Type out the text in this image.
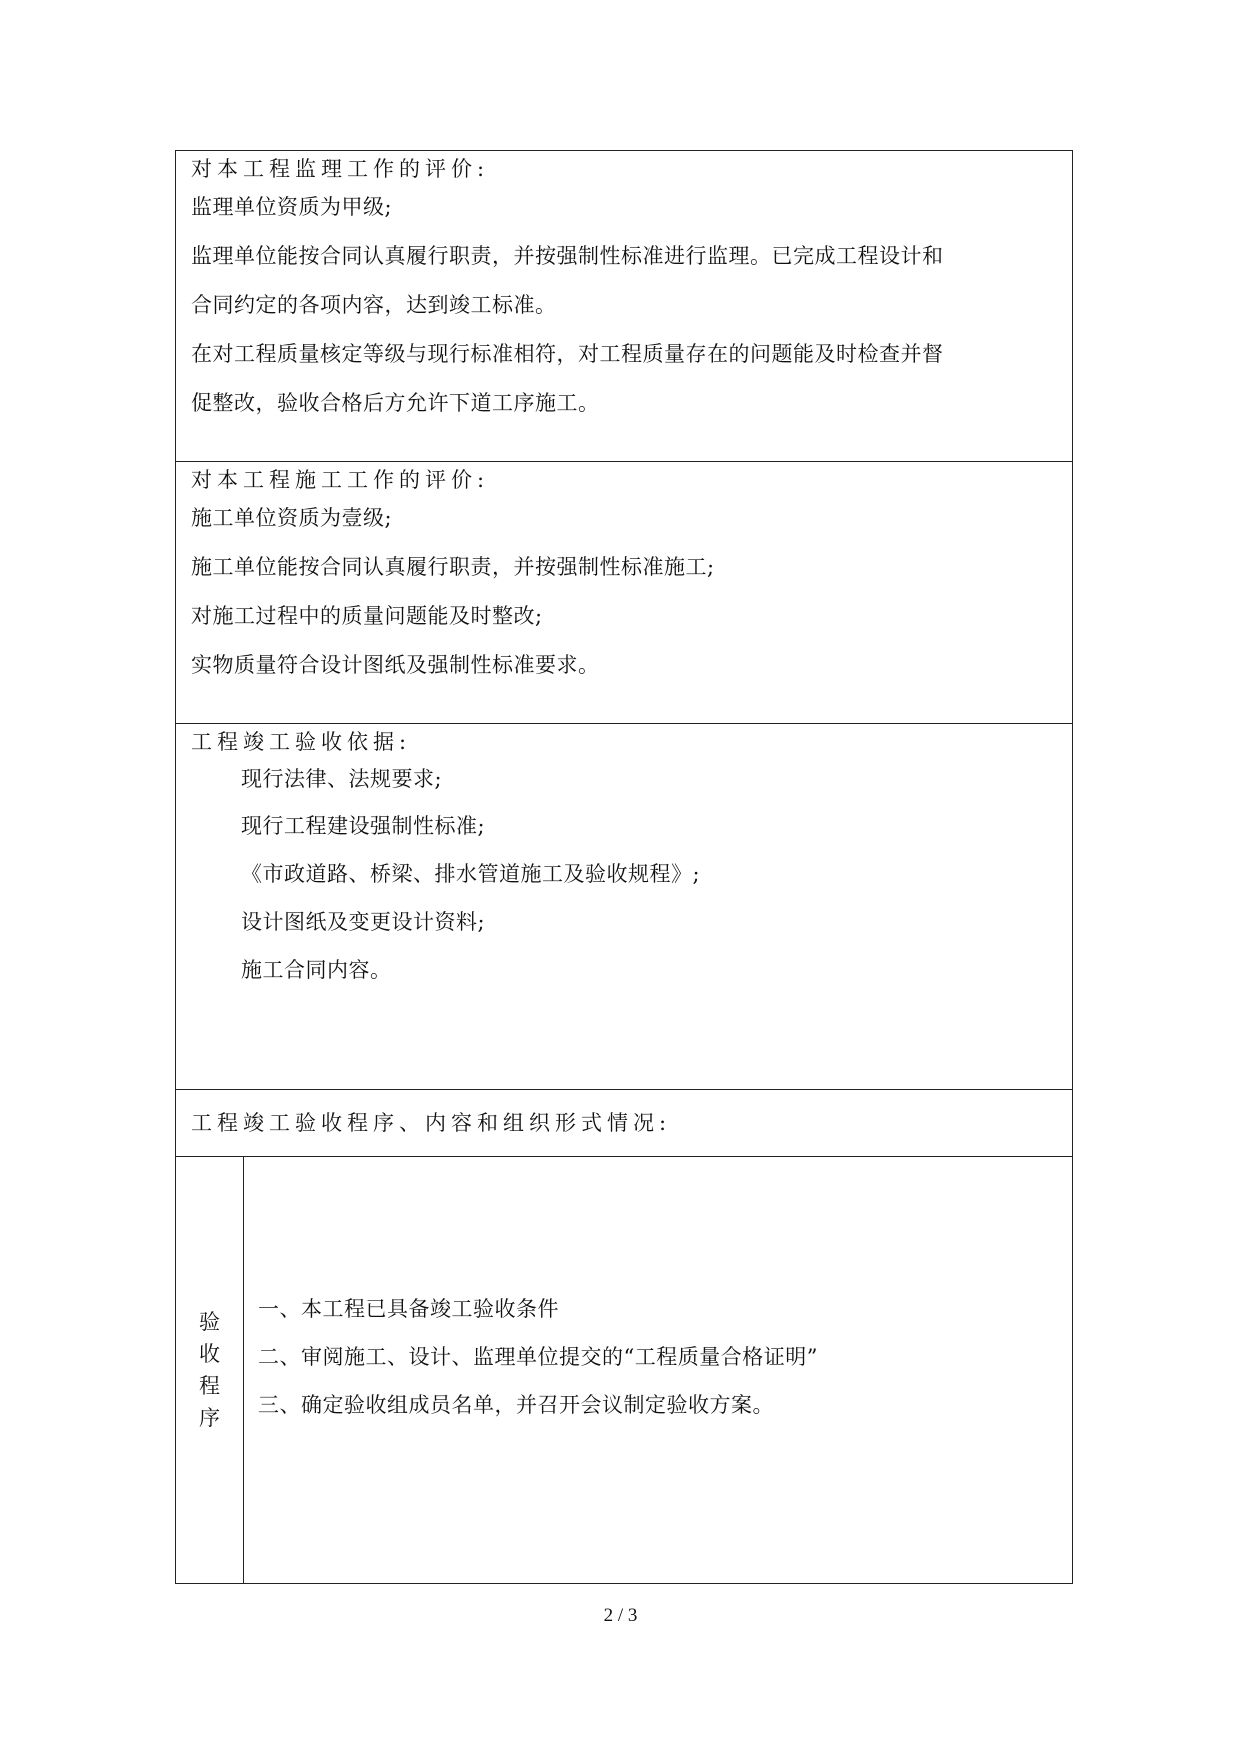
对本工程监理工作的评价:
监理单位资质为甲级;
监理单位能按合同认真履行职责，并按强制性标准进行监理。已完成工程设计和
合同约定的各项内容，达到竣工标准。
在对工程质量核定等级与现行标准相符，对工程质量存在的问题能及时检查并督
促整改，验收合格后方允许下道工序施工。
对本工程施工工作的评价:
施工单位资质为壹级;
施工单位能按合同认真履行职责，并按强制性标准施工;
对施工过程中的质量问题能及时整改;
实物质量符合设计图纸及强制性标准要求。
工程竣工验收依据:
现行法律、法规要求;
现行工程建设强制性标准;
《市政道路、桥梁、排水管道施工及验收规程》;
设计图纸及变更设计资料;
施工合同内容。
工程竣工验收程序、内容和组织形式情况:
验收程序
一、本工程已具备竣工验收条件
二、审阅施工、设计、监理单位提交的“工程质量合格证明”
三、确定验收组成员名单，并召开会议制定验收方案。
2 / 3
